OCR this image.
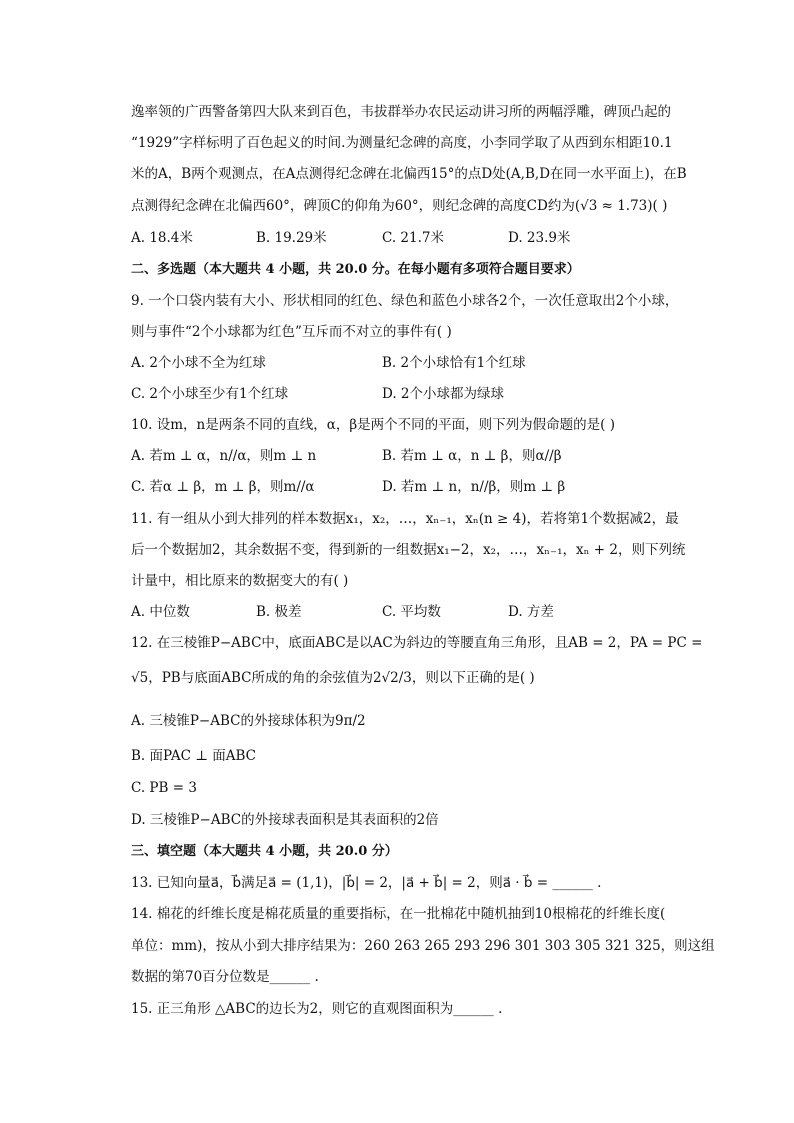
逸率领的广西警备第四大队来到百色，韦拔群举办农民运动讲习所的两幅浮雕，碑顶凸起的
“1929”字样标明了百色起义的时间.为测量纪念碑的高度，小李同学取了从西到东相距10.1
米的A，B两个观测点，在A点测得纪念碑在北偏西15°的点D处(A,B,D在同一水平面上)，在B
点测得纪念碑在北偏西60°，碑顶C的仰角为60°，则纪念碑的高度CD约为(√3 ≈ 1.73)( )
A. 18.4米	B. 19.29米	C. 21.7米	D. 23.9米
二、多选题（本大题共 4 小题，共 20.0 分。在每小题有多项符合题目要求）
9. 一个口袋内装有大小、形状相同的红色、绿色和蓝色小球各2个，一次任意取出2个小球，
则与事件“2个小球都为红色”互斥而不对立的事件有( )
A. 2个小球不全为红球	B. 2个小球恰有1个红球
C. 2个小球至少有1个红球	D. 2个小球都为绿球
10. 设m，n是两条不同的直线，α，β是两个不同的平面，则下列为假命题的是( )
A. 若m ⊥ α，n//α，则m ⊥ n	B. 若m ⊥ α，n ⊥ β，则α//β
C. 若α ⊥ β，m ⊥ β，则m//α	D. 若m ⊥ n，n//β，则m ⊥ β
11. 有一组从小到大排列的样本数据x₁，x₂，…，xₙ₋₁，xₙ(n ≥ 4)，若将第1个数据减2，最
后一个数据加2，其余数据不变，得到新的一组数据x₁−2，x₂，…，xₙ₋₁，xₙ + 2，则下列统
计量中，相比原来的数据变大的有( )
A. 中位数	B. 极差	C. 平均数	D. 方差
12. 在三棱锥P−ABC中，底面ABC是以AC为斜边的等腰直角三角形，且AB = 2，PA = PC =
√5，PB与底面ABC所成的角的余弦值为2√2/3，则以下正确的是( )
A. 三棱锥P−ABC的外接球体积为9π/2
B. 面PAC ⊥ 面ABC
C. PB = 3
D. 三棱锥P−ABC的外接球表面积是其表面积的2倍
三、填空题（本大题共 4 小题，共 20.0 分）
13. 已知向量a⃗，b⃗满足a⃗ = (1,1)，|b⃗| = 2，|a⃗ + b⃗| = 2，则a⃗ · b⃗ = ______ .
14. 棉花的纤维长度是棉花质量的重要指标，在一批棉花中随机抽到10根棉花的纤维长度(
单位：mm)，按从小到大排序结果为：260 263 265 293 296 301 303 305 321 325，则这组
数据的第70百分位数是______ .
15. 正三角形 △ABC的边长为2，则它的直观图面积为______ .
